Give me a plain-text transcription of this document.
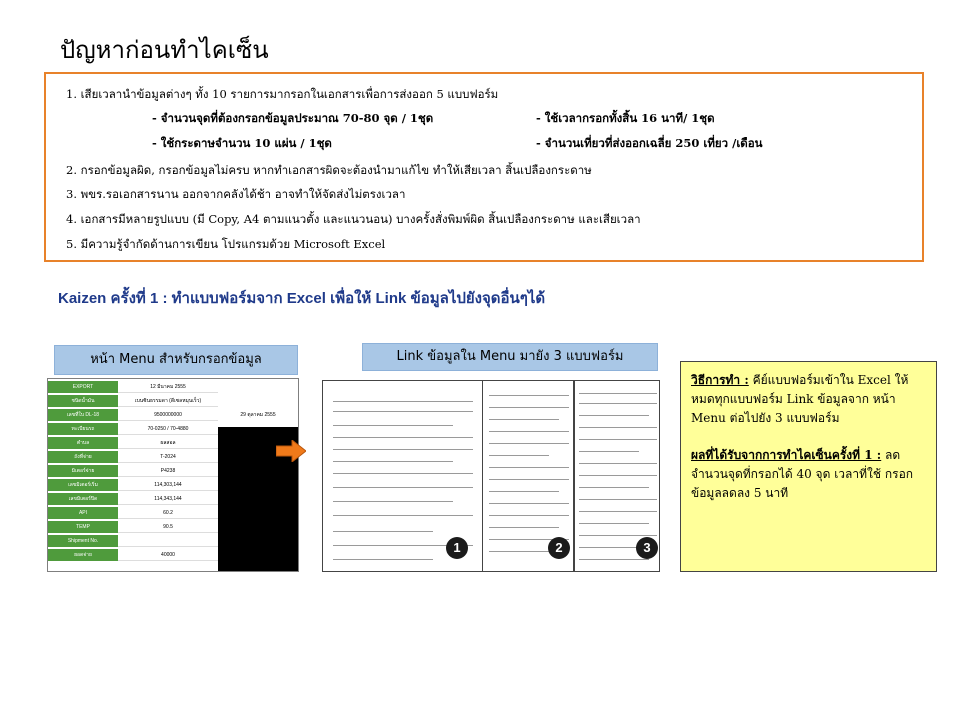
ปัญหาก่อนทำไคเซ็น
1. เสียเวลานำข้อมูลต่างๆ ทั้ง 10 รายการมากรอกในเอกสารเพื่อการส่งออก 5 แบบฟอร์ม
- จำนวนจุดที่ต้องกรอกข้อมูลประมาณ 70-80 จุด / 1ชุด	- ใช้เวลากรอกทั้งสิ้น 16 นาที/ 1ชุด
- ใช้กระดาษจำนวน 10 แผ่น / 1ชุด	- จำนวนเที่ยวที่ส่งออกเฉลี่ย 250 เที่ยว /เดือน
2. กรอกข้อมูลผิด, กรอกข้อมูลไม่ครบ หากทำเอกสารผิดจะต้องนำมาแก้ไข ทำให้เสียเวลา สิ้นเปลืองกระดาษ
3. พขร.รอเอกสารนาน ออกจากคลังได้ช้า อาจทำให้จัดส่งไม่ตรงเวลา
4. เอกสารมีหลายรูปแบบ (มี Copy, A4 ตามแนวตั้ง และแนวนอน) บางครั้งสั่งพิมพ์ผิด สิ้นเปลืองกระดาษ และเสียเวลา
5. มีความรู้จำกัดด้านการเขียน โปรแกรมด้วย Microsoft Excel
Kaizen ครั้งที่ 1 : ทำแบบฟอร์มจาก Excel เพื่อให้ Link ข้อมูลไปยังจุดอื่นๆได้
หน้า Menu สำหรับกรอกข้อมูล
ยอดจ่าย	40000
Shipment No.
TEMP	90.5
API	60.2
เลขมิเตอร์ปิด	114,343,144
เลขมิเตอร์เริ่ม	114,303,144
มิเตอร์จ่าย	P4238
ถังที่จ่าย	T-2024
ตำบล	ผลสอล
ทะเบียนรถ	70-0250 / 70-4880
เลขที่ใบ DL-18	9500000000	29 ตุลาคม 2555
ชนิดน้ำมัน	เบนซินธรรมดา (ดีเซลหมุนเร็ว)
EXPORT	12 มีนาคม 2555
Link ข้อมูลใน Menu มายัง 3 แบบฟอร์ม
1	2	3
วิธีการทำ : คีย์แบบฟอร์มเข้าใน Excel ให้หมดทุกแบบฟอร์ม Link ข้อมูลจาก หน้า Menu ต่อไปยัง 3 แบบฟอร์ม
ผลที่ได้รับจากการทำไคเซ็นครั้งที่ 1 : ลด จำนวนจุดที่กรอกได้ 40 จุด เวลาที่ใช้ กรอกข้อมูลลดลง 5 นาที
